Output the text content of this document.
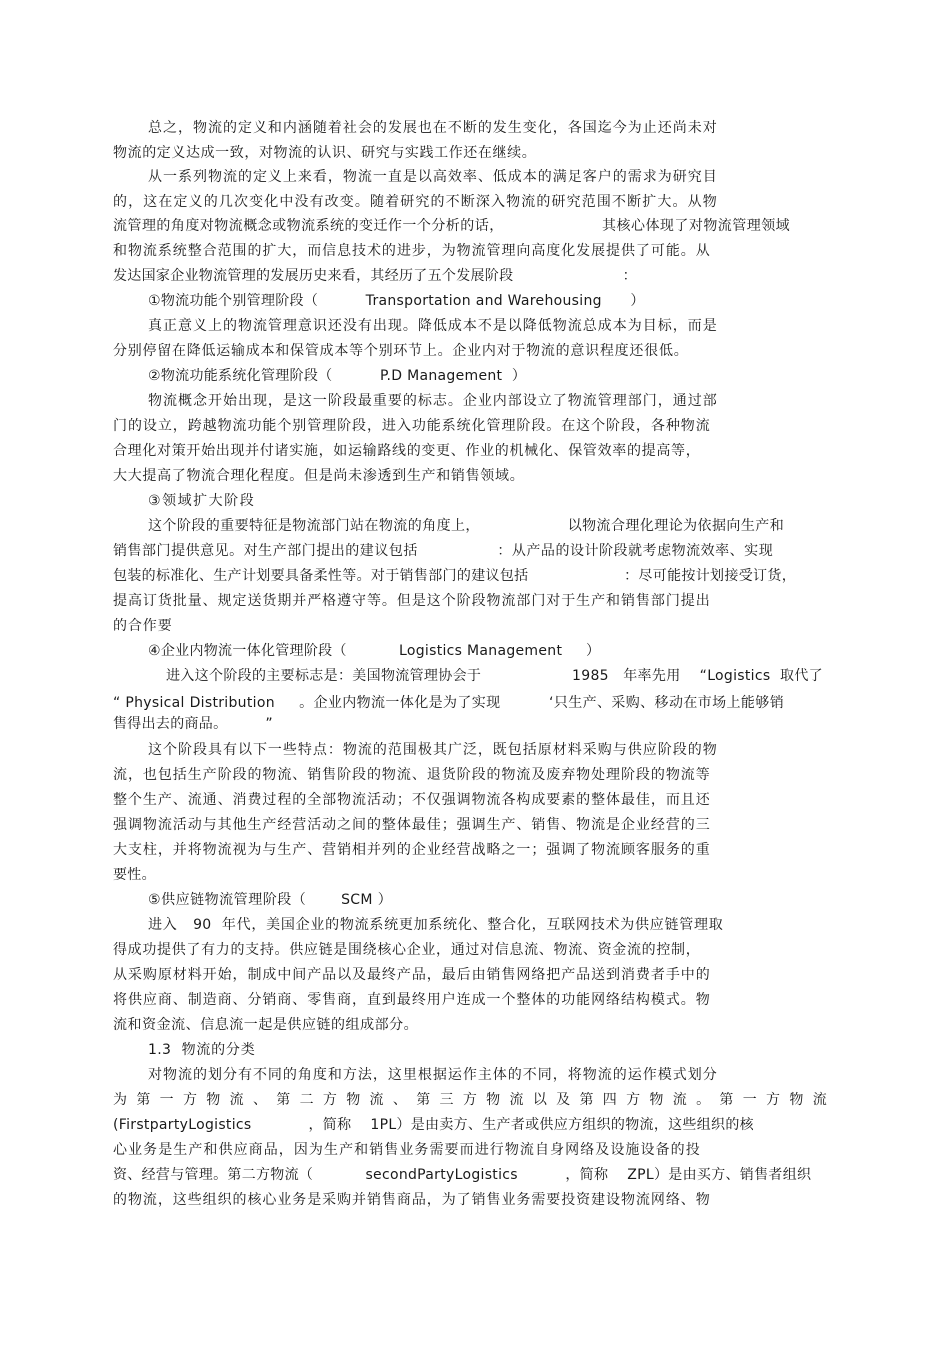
总之，物流的定义和内涵随着社会的发展也在不断的发生变化，各国迄今为止还尚未对
物流的定义达成一致，对物流的认识、研究与实践工作还在继续。
从一系列物流的定义上来看，物流一直是以高效率、低成本的满足客户的需求为研究目
的，这在定义的几次变化中没有改变。随着研究的不断深入物流的研究范围不断扩大。从物
流管理的角度对物流概念或物流系统的变迁作一个分析的话，                    其核心体现了对物流管理领域
和物流系统整合范围的扩大，而信息技术的进步，为物流管理向高度化发展提供了可能。从
发达国家企业物流管理的发展历史来看，其经历了五个发展阶段                       ：
①物流功能个别管理阶段（          Transportation and Warehousing      ）
真正意义上的物流管理意识还没有出现。降低成本不是以降低物流总成本为目标，而是
分别停留在降低运输成本和保管成本等个别环节上。企业内对于物流的意识程度还很低。
②物流功能系统化管理阶段（          P.D Management  ）
物流概念开始出现，是这一阶段最重要的标志。企业内部设立了物流管理部门，通过部
门的设立，跨越物流功能个别管理阶段，进入功能系统化管理阶段。在这个阶段，各种物流
合理化对策开始出现并付诸实施，如运输路线的变更、作业的机械化、保管效率的提高等，
大大提高了物流合理化程度。但是尚未渗透到生产和销售领域。
③领域扩大阶段
这个阶段的重要特征是物流部门站在物流的角度上，                  以物流合理化理论为依据向生产和
销售部门提供意见。对生产部门提出的建议包括                ：从产品的设计阶段就考虑物流效率、实现
包装的标准化、生产计划要具备柔性等。对于销售部门的建议包括                    ：尽可能按计划接受订货，
提高订货批量、规定送货期并严格遵守等。但是这个阶段物流部门对于生产和销售部门提出
的合作要
④企业内物流一体化管理阶段（           Logistics Management     ）
进入这个阶段的主要标志是：美国物流管理协会于                   1985   年率先用    “Logistics  取代了
“ Physical Distribution     。企业内物流一体化是为了实现          ‘只生产、采购、移动在市场上能够销
售得出去的商品。        ”
这个阶段具有以下一些特点：物流的范围极其广泛，既包括原材料采购与供应阶段的物
流，也包括生产阶段的物流、销售阶段的物流、退货阶段的物流及废弃物处理阶段的物流等
整个生产、流通、消费过程的全部物流活动；不仅强调物流各构成要素的整体最佳，而且还
强调物流活动与其他生产经营活动之间的整体最佳；强调生产、销售、物流是企业经营的三
大支柱，并将物流视为与生产、营销相并列的企业经营战略之一；强调了物流顾客服务的重
要性。
⑤供应链物流管理阶段（       SCM ）
进入   90  年代，美国企业的物流系统更加系统化、整合化，互联网技术为供应链管理取
得成功提供了有力的支持。供应链是围绕核心企业，通过对信息流、物流、资金流的控制，
从采购原材料开始，制成中间产品以及最终产品，最后由销售网络把产品送到消费者手中的
将供应商、制造商、分销商、零售商，直到最终用户连成一个整体的功能网络结构模式。物
流和资金流、信息流一起是供应链的组成部分。
1.3  物流的分类
对物流的划分有不同的角度和方法，这里根据运作主体的不同，将物流的运作模式划分
为 第 一 方 物 流 、 第 二 方 物 流 、 第 三 方 物 流 以 及 第 四 方 物 流 。 第 一 方 物 流
(FirstpartyLogistics            ，简称    1PL）是由卖方、生产者或供应方组织的物流，这些组织的核
心业务是生产和供应商品，因为生产和销售业务需要而进行物流自身网络及设施设备的投
资、经营与管理。第二方物流（           secondPartyLogistics          ，简称    ZPL）是由买方、销售者组织
的物流，这些组织的核心业务是采购并销售商品，为了销售业务需要投资建设物流网络、物
